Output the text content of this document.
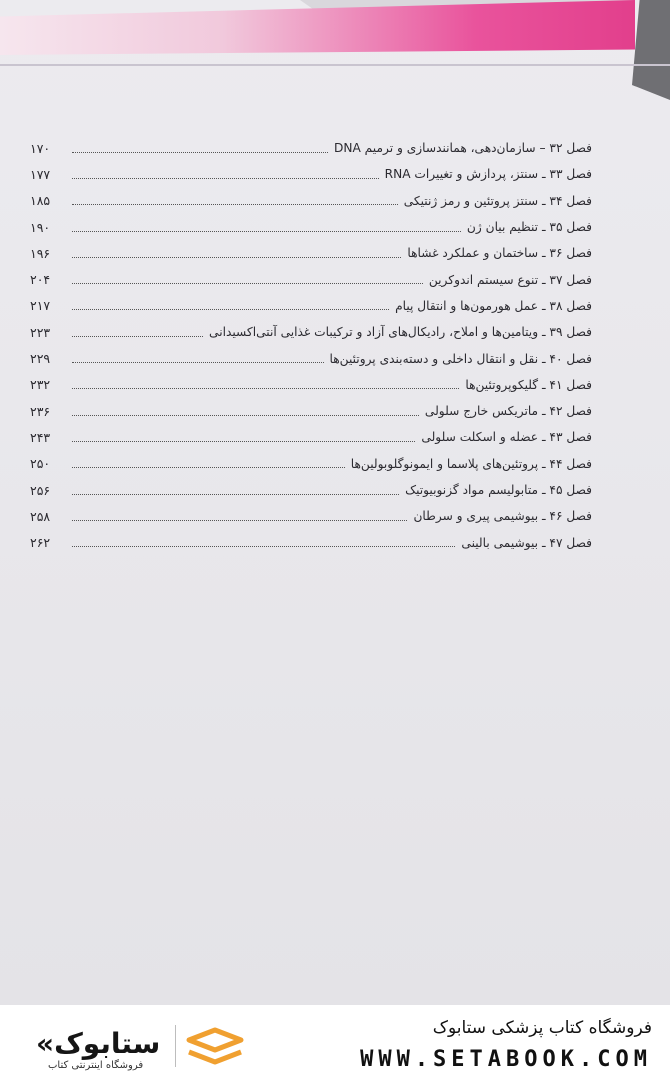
فصل ۳۲ – سازمان‌دهی، همانندسازی و ترمیم DNA
۱۷۰
فصل ۳۳ ـ سنتز، پردازش و تغییرات RNA
۱۷۷
فصل ۳۴ ـ سنتز پروتئین و رمز ژنتیکی
۱۸۵
فصل ۳۵ ـ تنظیم بیان ژن
۱۹۰
فصل ۳۶ ـ ساختمان و عملکرد غشاها
۱۹۶
فصل ۳۷ ـ تنوع سیستم اندوکرین
۲۰۴
فصل ۳۸ ـ عمل هورمون‌ها و انتقال پیام
۲۱۷
فصل ۳۹ ـ ویتامین‌ها و املاح، رادیکال‌های آزاد و ترکیبات غذایی آنتی‌اکسیدانی
۲۲۳
فصل ۴۰ ـ نقل و انتقال داخلی و دسته‌بندی پروتئین‌ها
۲۲۹
فصل ۴۱ ـ گلیکوپروتئین‌ها
۲۳۲
فصل ۴۲ ـ ماتریکس خارج سلولی
۲۳۶
فصل ۴۳ ـ عضله و اسکلت سلولی
۲۴۳
فصل ۴۴ ـ پروتئین‌های پلاسما و ایمونوگلوبولین‌ها
۲۵۰
فصل ۴۵ ـ متابولیسم مواد گزنوبیوتیک
۲۵۶
فصل ۴۶ ـ بیوشیمی پیری و سرطان
۲۵۸
فصل ۴۷ ـ بیوشیمی بالینی
۲۶۲
«ستابوک
فروشگاه اینترنتی کتاب
فروشگاه کتاب پزشکی ستابوک
WWW.SETABOOK.COM
